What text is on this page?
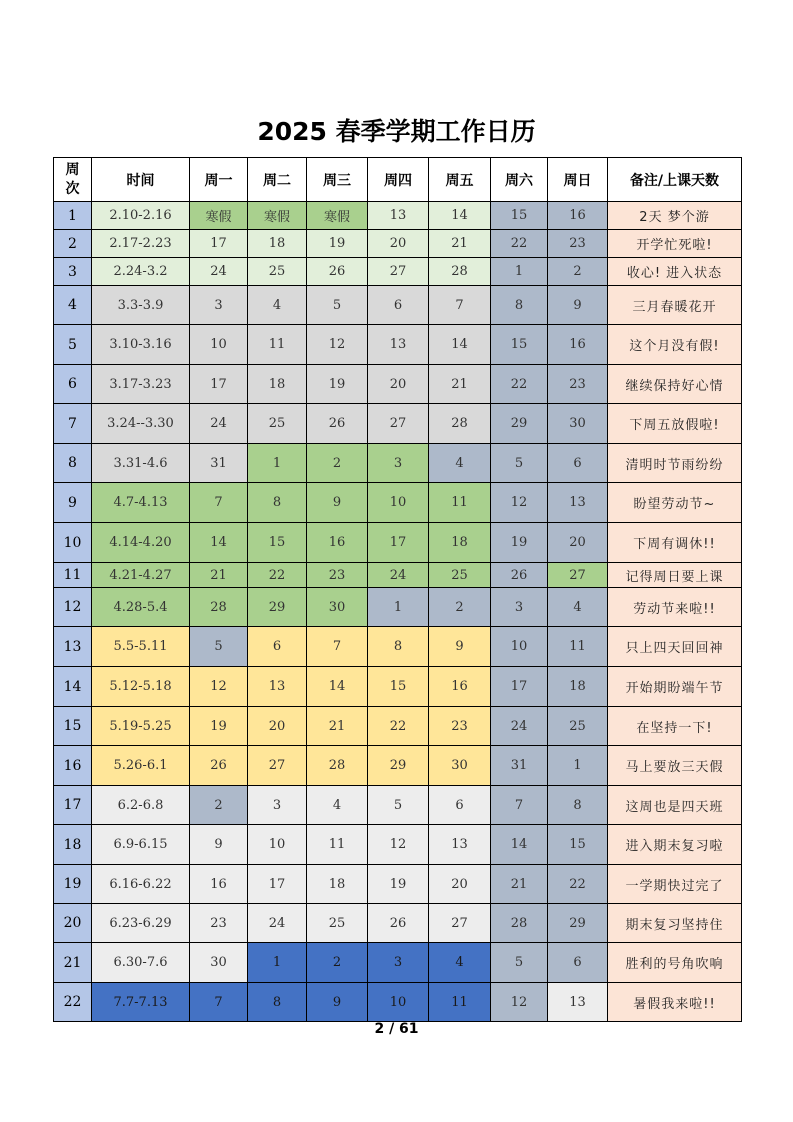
2025 春季学期工作日历
周次	时间	周一	周二	周三	周四	周五	周六	周日	备注/上课天数
1	2.10-2.16	寒假	寒假	寒假	13	14	15	16	2天 梦个游
2	2.17-2.23	17	18	19	20	21	22	23	开学忙死啦!
3	2.24-3.2	24	25	26	27	28	1	2	收心! 进入状态
4	3.3-3.9	3	4	5	6	7	8	9	三月春暖花开
5	3.10-3.16	10	11	12	13	14	15	16	这个月没有假!
6	3.17-3.23	17	18	19	20	21	22	23	继续保持好心情
7	3.24--3.30	24	25	26	27	28	29	30	下周五放假啦!
8	3.31-4.6	31	1	2	3	4	5	6	清明时节雨纷纷
9	4.7-4.13	7	8	9	10	11	12	13	盼望劳动节~
10	4.14-4.20	14	15	16	17	18	19	20	下周有调休!!
11	4.21-4.27	21	22	23	24	25	26	27	记得周日要上课
12	4.28-5.4	28	29	30	1	2	3	4	劳动节来啦!!
13	5.5-5.11	5	6	7	8	9	10	11	只上四天回回神
14	5.12-5.18	12	13	14	15	16	17	18	开始期盼端午节
15	5.19-5.25	19	20	21	22	23	24	25	在坚持一下!
16	5.26-6.1	26	27	28	29	30	31	1	马上要放三天假
17	6.2-6.8	2	3	4	5	6	7	8	这周也是四天班
18	6.9-6.15	9	10	11	12	13	14	15	进入期末复习啦
19	6.16-6.22	16	17	18	19	20	21	22	一学期快过完了
20	6.23-6.29	23	24	25	26	27	28	29	期末复习坚持住
21	6.30-7.6	30	1	2	3	4	5	6	胜利的号角吹响
22	7.7-7.13	7	8	9	10	11	12	13	暑假我来啦!!
2 / 61
